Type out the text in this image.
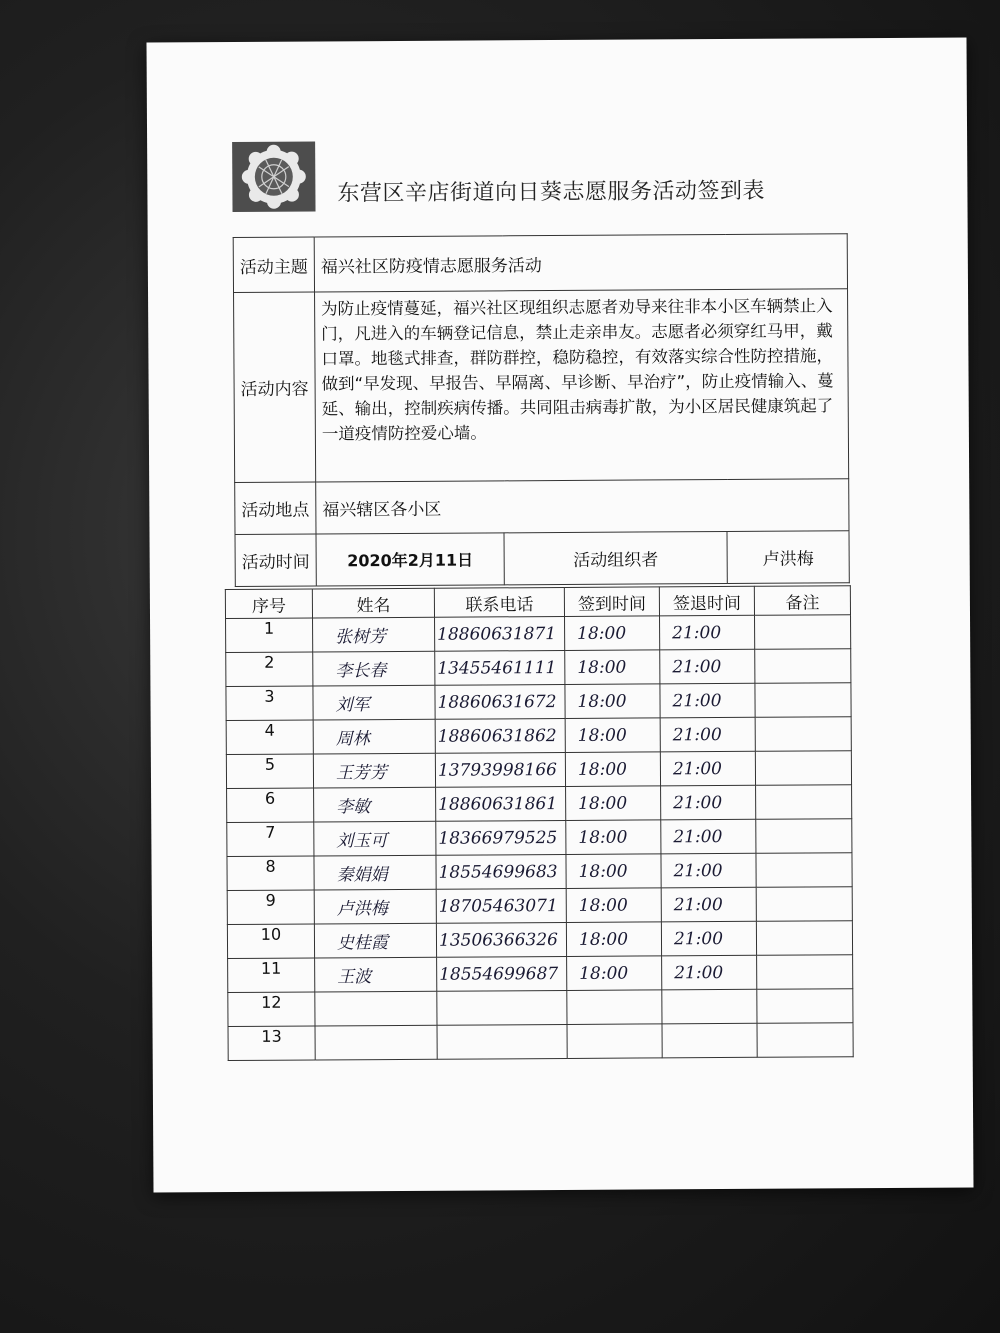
东营区辛店街道向日葵志愿服务活动签到表
活动主题	福兴社区防疫情志愿服务活动		
活动内容	为防止疫情蔓延，福兴社区现组织志愿者劝导来往非本小区车辆禁止入门，凡进入的车辆登记信息，禁止走亲串友。志愿者必须穿红马甲，戴口罩。地毯式排查，群防群控，稳防稳控，有效落实综合性防控措施，做到“早发现、早报告、早隔离、早诊断、早治疗”，防止疫情输入、蔓延、输出，控制疾病传播。共同阻击病毒扩散，为小区居民健康筑起了一道疫情防控爱心墙。		
活动地点	福兴辖区各小区		
活动时间	2020年2月11日	活动组织者	卢洪梅
序号	姓名	联系电话	签到时间	签退时间	备注
1	张树芳	18860631871	18:00	21:00	
2	李长春	13455461111	18:00	21:00	
3	刘军	18860631672	18:00	21:00	
4	周林	18860631862	18:00	21:00	
5	王芳芳	13793998166	18:00	21:00	
6	李敏	18860631861	18:00	21:00	
7	刘玉可	18366979525	18:00	21:00	
8	秦娟娟	18554699683	18:00	21:00	
9	卢洪梅	18705463071	18:00	21:00	
10	史桂霞	13506366326	18:00	21:00	
11	王波	18554699687	18:00	21:00	
12					
13					
